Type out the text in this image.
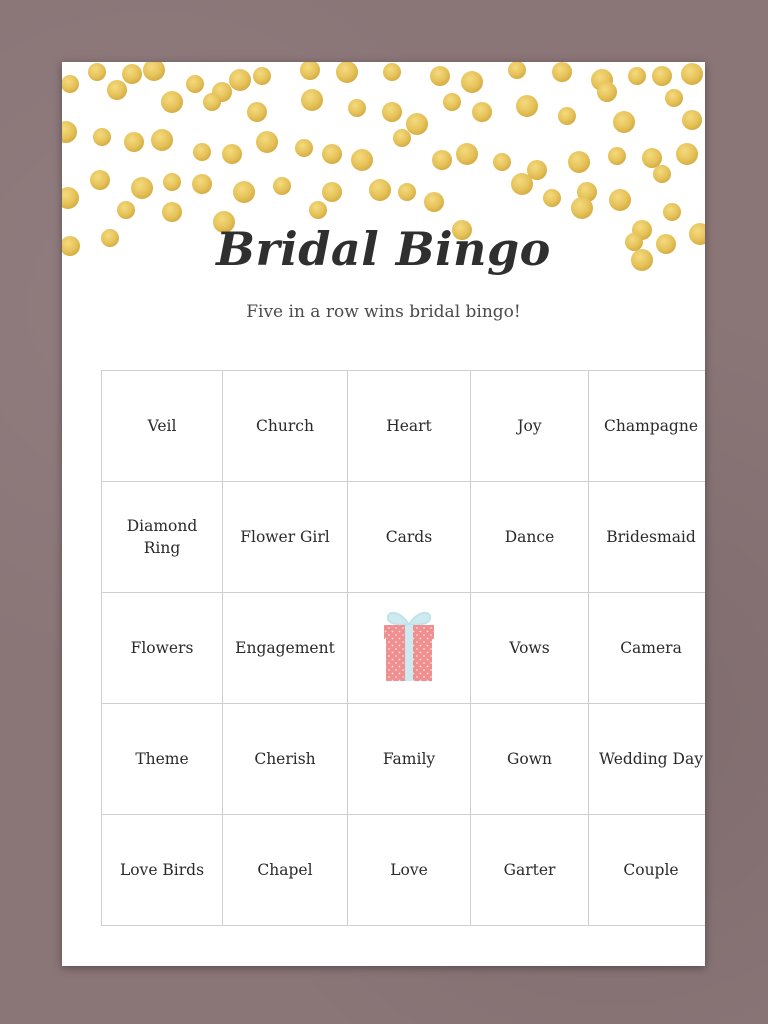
Bridal Bingo

Five in a row wins bridal bingo!

Veil	Church	Heart	Joy	Champagne
Diamond Ring	Flower Girl	Cards	Dance	Bridesmaid
Flowers	Engagement		Vows	Camera
Theme	Cherish	Family	Gown	Wedding Day
Love Birds	Chapel	Love	Garter	Couple
